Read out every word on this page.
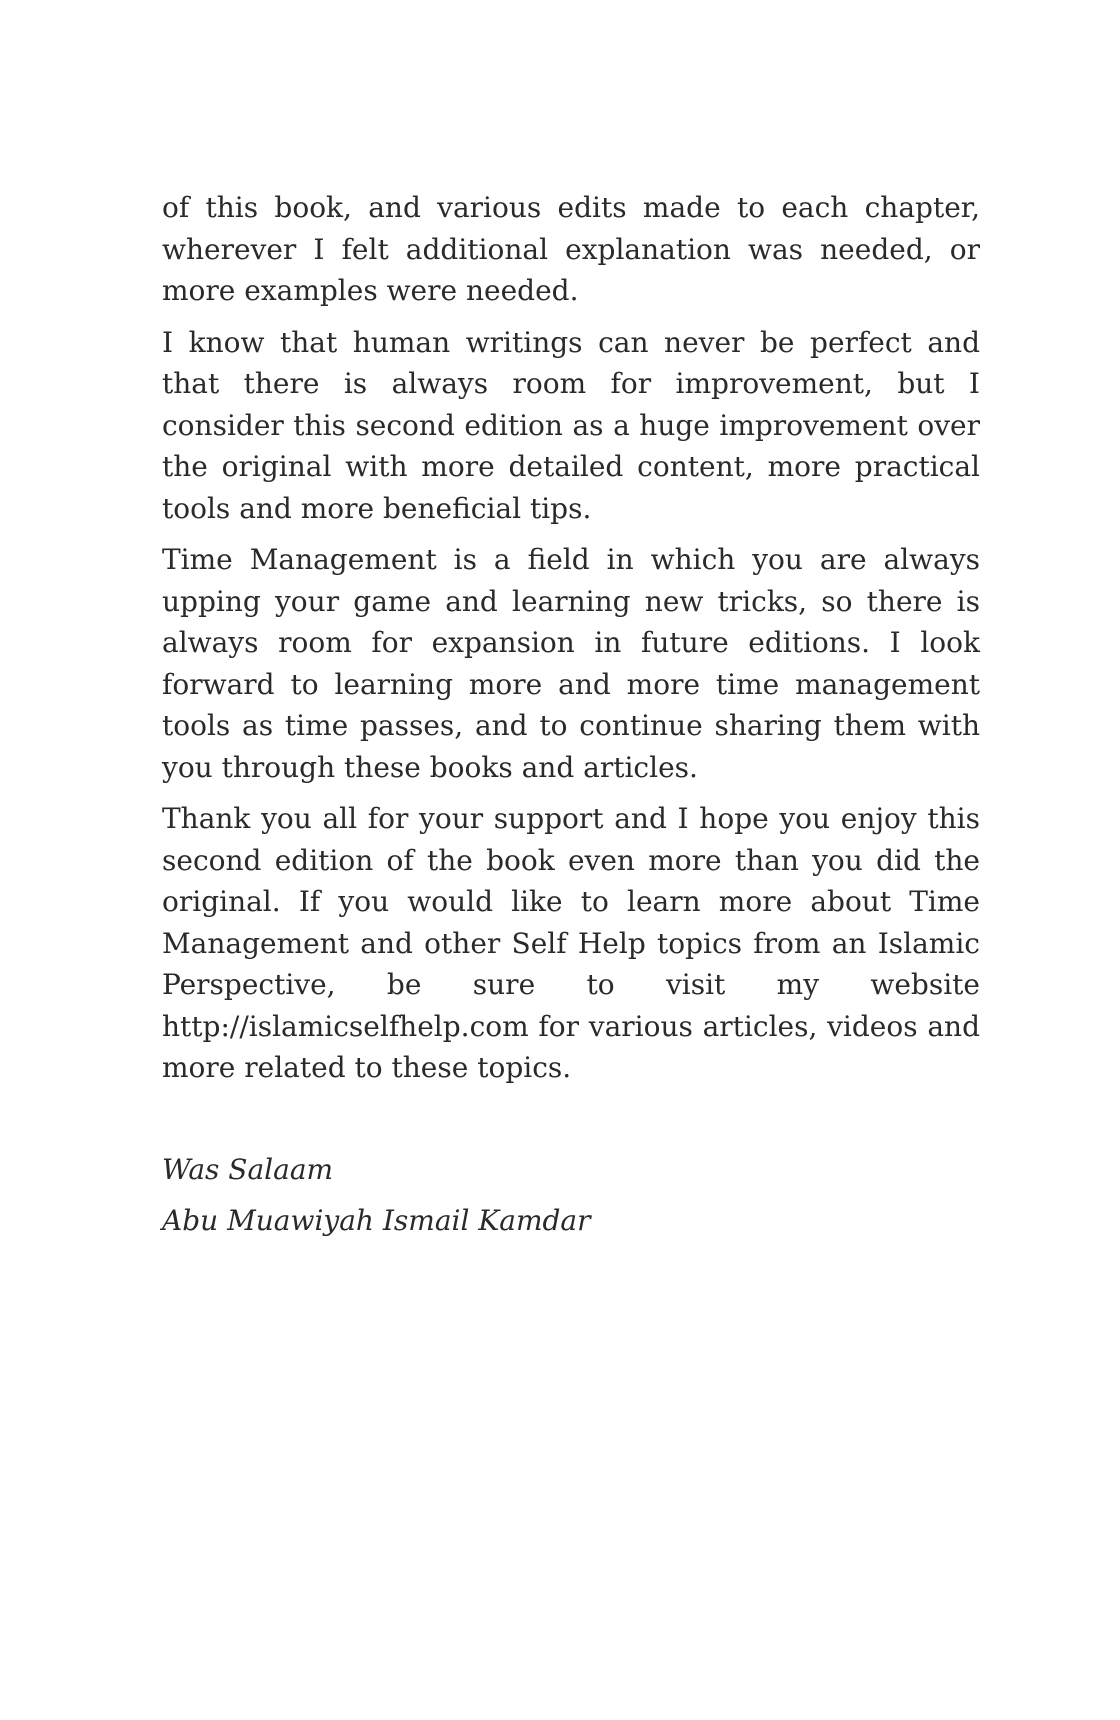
of this book, and various edits made to each chapter, wherever I felt additional explanation was needed, or more examples were needed.

I know that human writings can never be perfect and that there is always room for improvement, but I consider this second edition as a huge improvement over the original with more detailed content, more practical tools and more beneficial tips.

Time Management is a field in which you are always upping your game and learning new tricks, so there is always room for expansion in future editions. I look forward to learning more and more time management tools as time passes, and to continue sharing them with you through these books and articles.

Thank you all for your support and I hope you enjoy this second edition of the book even more than you did the original. If you would like to learn more about Time Management and other Self Help topics from an Islamic Perspective, be sure to visit my website http://islamicselfhelp.com for various articles, videos and more related to these topics.

Was Salaam

Abu Muawiyah Ismail Kamdar
